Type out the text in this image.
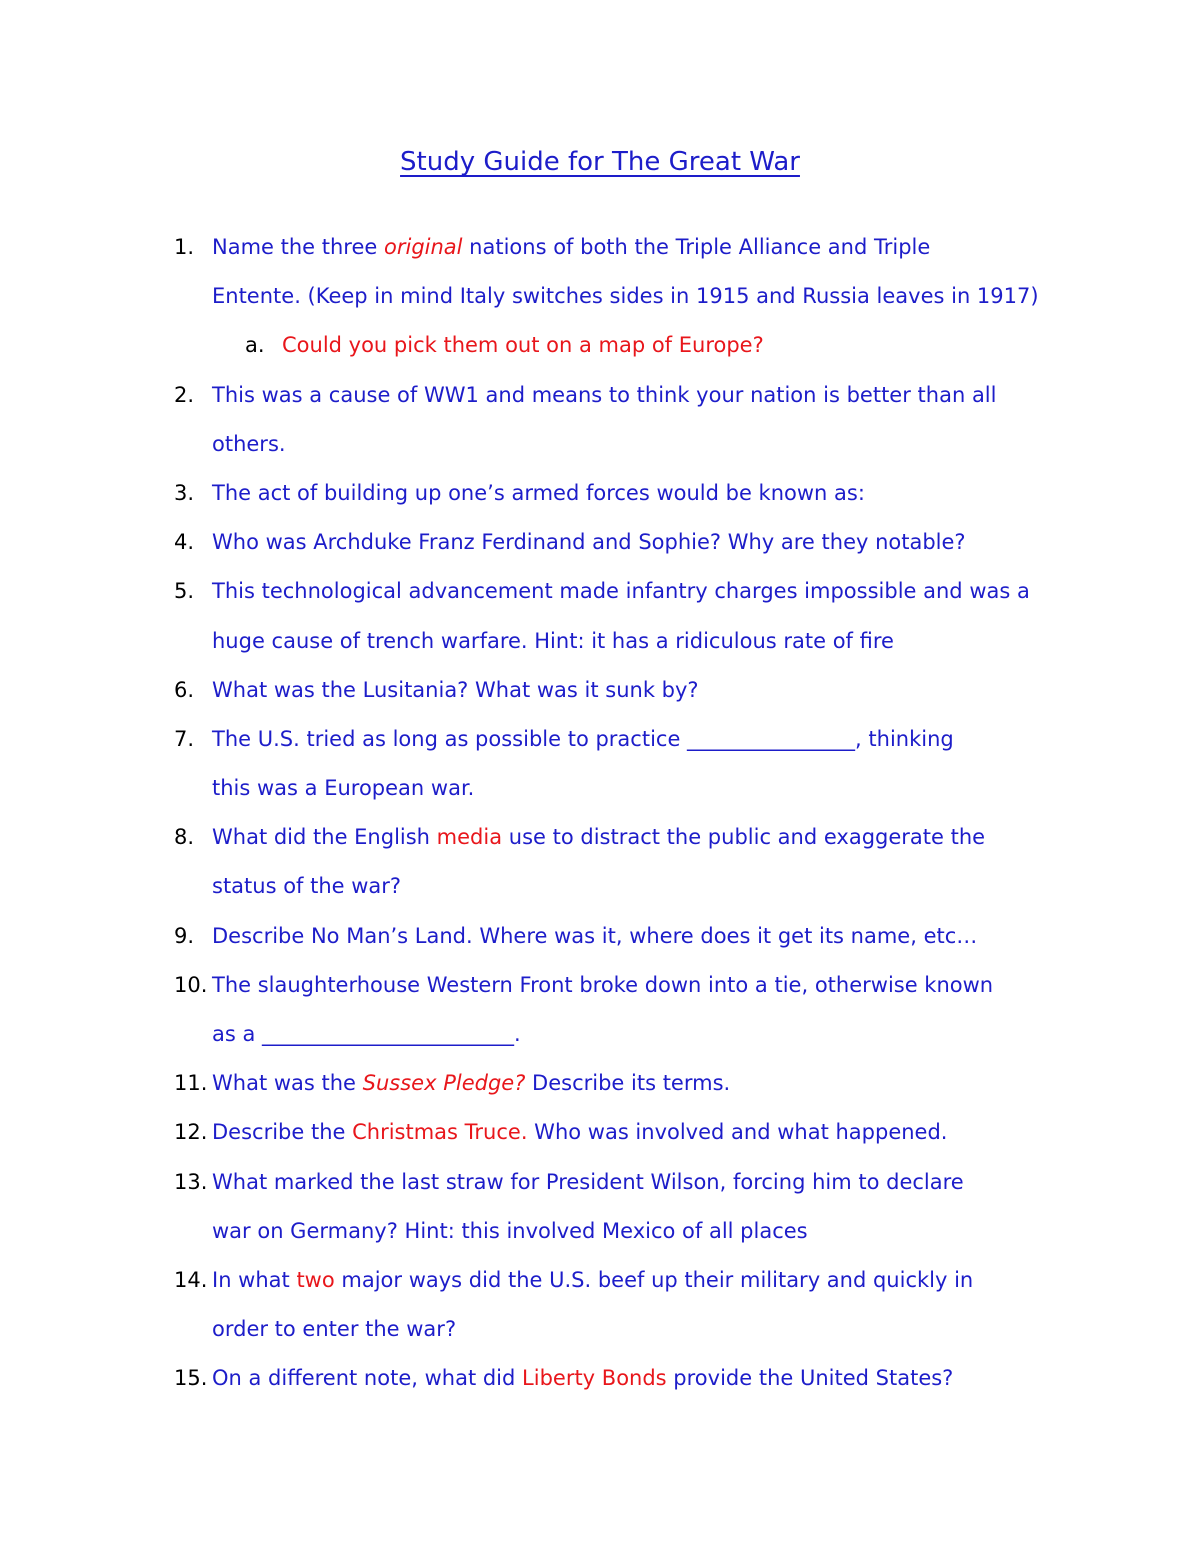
Study Guide for The Great War
1. Name the three original nations of both the Triple Alliance and Triple
Entente. (Keep in mind Italy switches sides in 1915 and Russia leaves in 1917)
a. Could you pick them out on a map of Europe?
2. This was a cause of WW1 and means to think your nation is better than all
others.
3. The act of building up one’s armed forces would be known as:
4. Who was Archduke Franz Ferdinand and Sophie? Why are they notable?
5. This technological advancement made infantry charges impossible and was a
huge cause of trench warfare. Hint: it has a ridiculous rate of fire
6. What was the Lusitania? What was it sunk by?
7. The U.S. tried as long as possible to practice ________________, thinking
this was a European war.
8. What did the English media use to distract the public and exaggerate the
status of the war?
9. Describe No Man’s Land. Where was it, where does it get its name, etc…
10. The slaughterhouse Western Front broke down into a tie, otherwise known
as a ________________________.
11. What was the Sussex Pledge? Describe its terms.
12. Describe the Christmas Truce. Who was involved and what happened.
13. What marked the last straw for President Wilson, forcing him to declare
war on Germany? Hint: this involved Mexico of all places
14. In what two major ways did the U.S. beef up their military and quickly in
order to enter the war?
15. On a different note, what did Liberty Bonds provide the United States?
